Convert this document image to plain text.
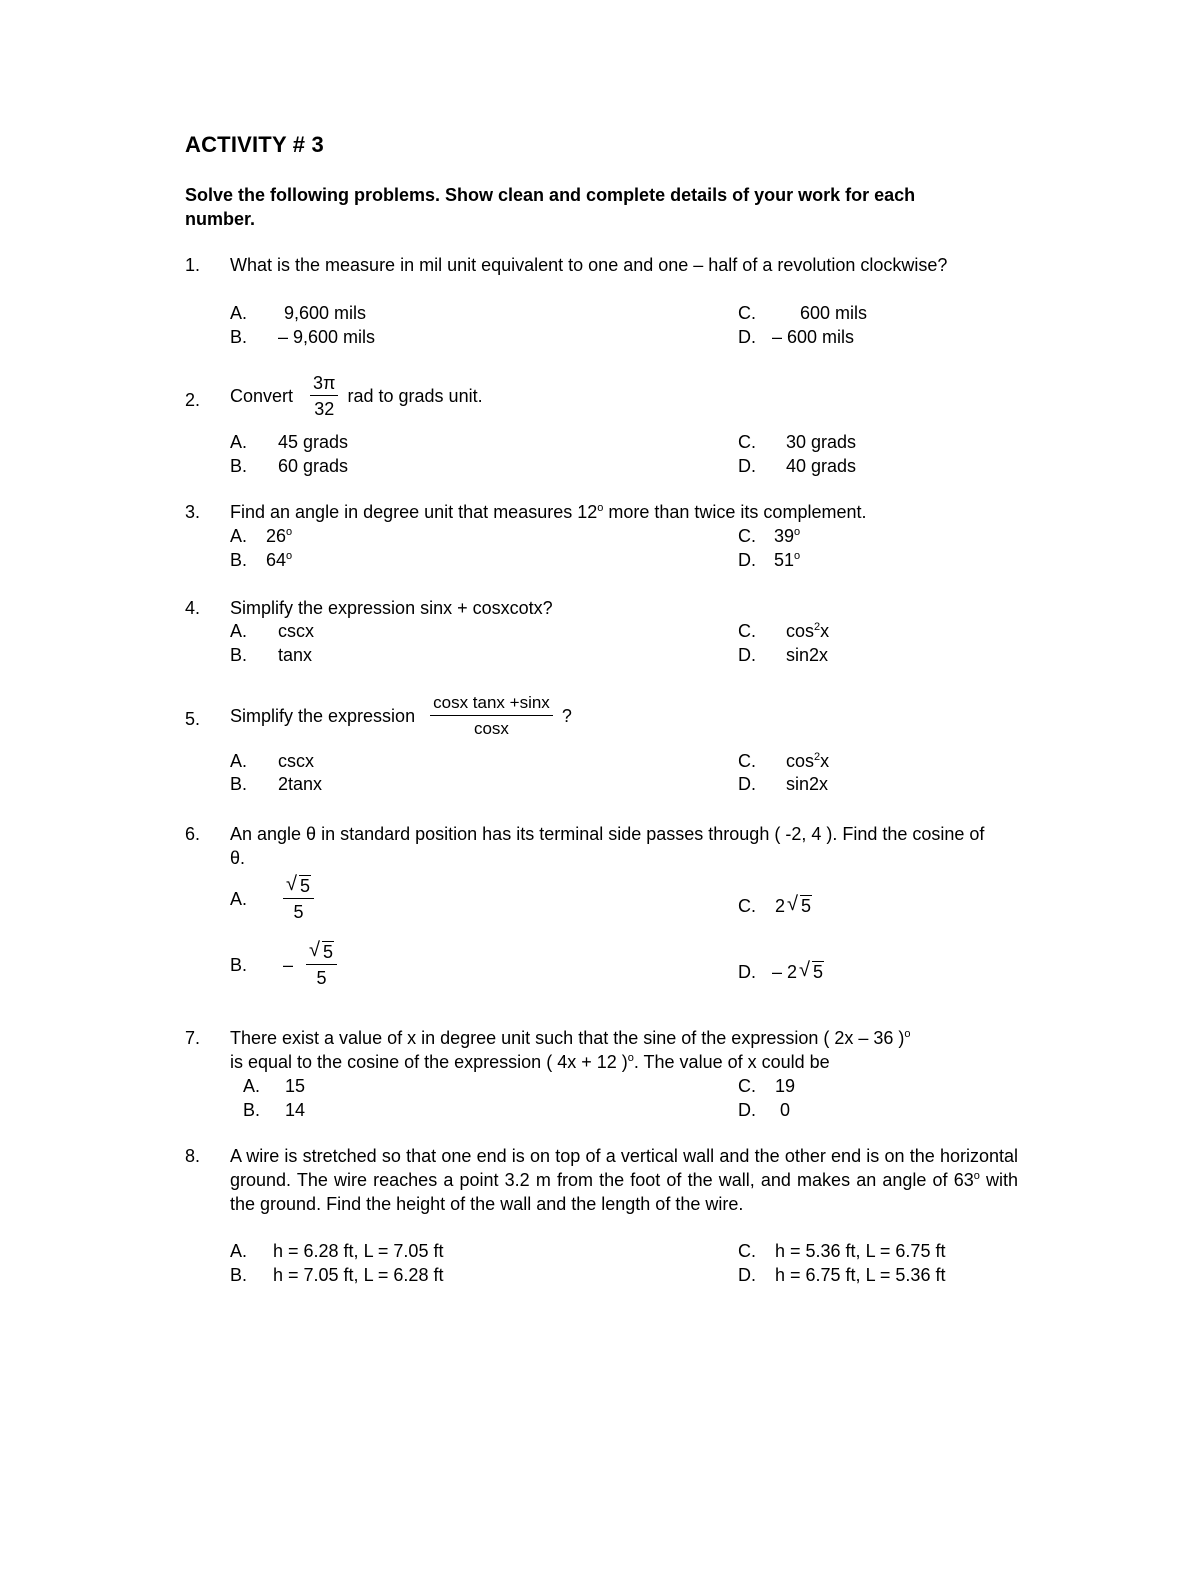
ACTIVITY # 3
Solve the following problems. Show clean and complete details of your work for each number.
1. What is the measure in mil unit equivalent to one and one – half of a revolution clockwise?
A. 9,600 mils
B. – 9,600 mils
C. 600 mils
D. – 600 mils
2. Convert $\frac{3\pi}{32}$ rad to grads unit.
A. 45 grads
B. 60 grads
C. 30 grads
D. 40 grads
3. Find an angle in degree unit that measures 12$^o$ more than twice its complement.
A. 26$^o$
B. 64$^o$
C. 39$^o$
D. 51$^o$
4. Simplify the expression sinx + cosxcotx?
A. cscx
B. tanx
C. $\cos^2x$
D. sin2x
5. Simplify the expression $\frac{\text{cosx tanx +sinx}}{\cos x}$ ?
A. cscx
B. 2tanx
C. $\cos^2x$
D. sin2x
6. An angle θ in standard position has its terminal side passes through ( -2, 4 ). Find the cosine of θ.
A. $\frac{√ 5}{5}$
B. – $\frac{√ 5}{5}$
C. 2 √ 5
D. – 2 √ 5
7. There exist a value of x in degree unit such that the sine of the expression ( 2x – 36 )$^o$
is equal to the cosine of the expression ( 4x + 12 )$^o$. The value of x could be
A. 15
B. 14
C. 19
D. 0
8. A wire is stretched so that one end is on top of a vertical wall and the other end is on the horizontal ground. The wire reaches a point 3.2 m from the foot of the wall, and makes an angle of 63$^o$ with the ground. Find the height of the wall and the length of the wire.
A. h = 6.28 ft, L = 7.05 ft
B. h = 7.05 ft, L = 6.28 ft
C. h = 5.36 ft, L = 6.75 ft
D. h = 6.75 ft, L = 5.36 ft
